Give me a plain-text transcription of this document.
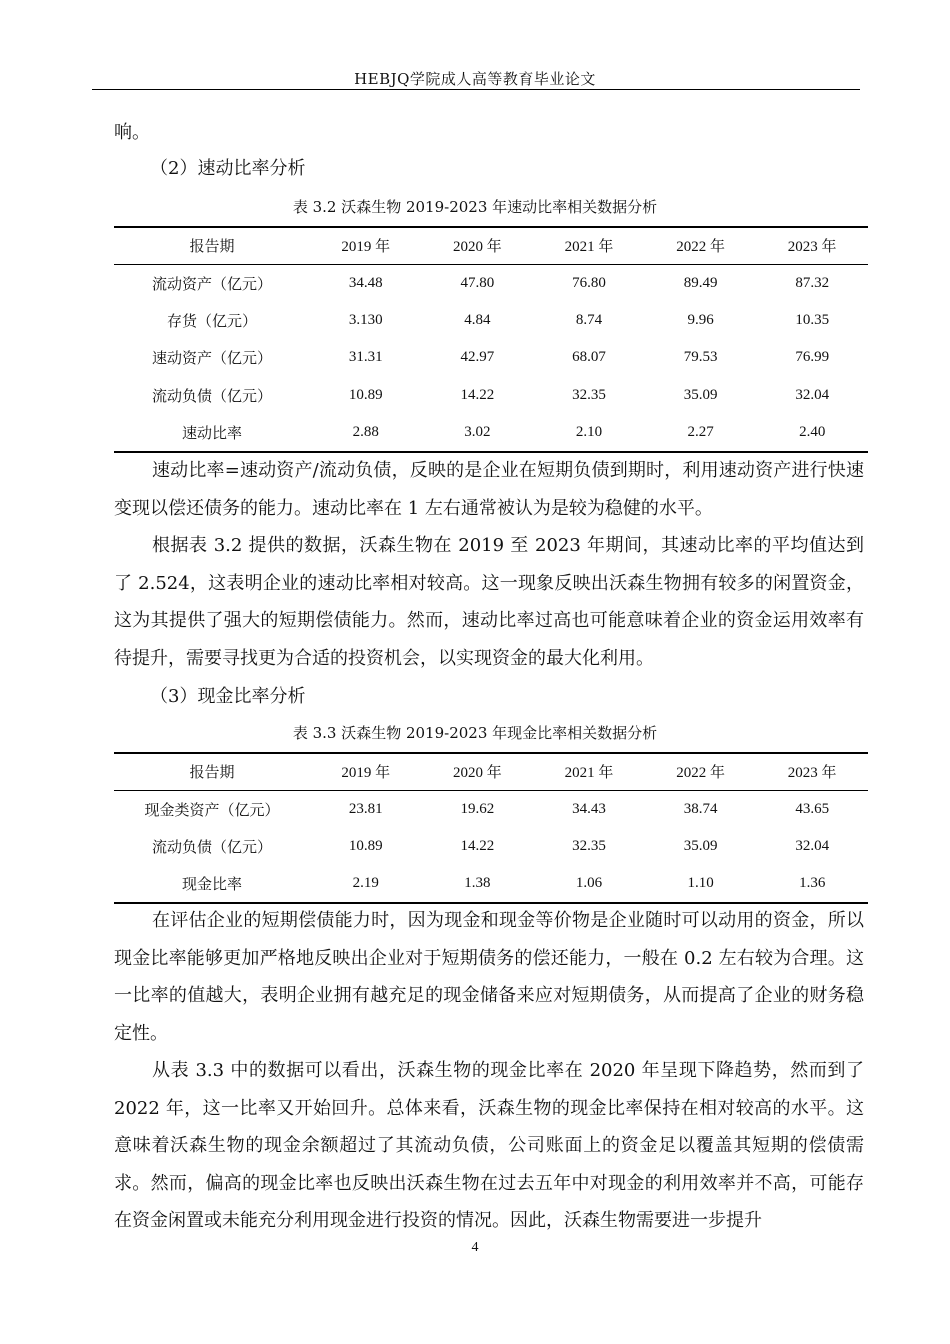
HEBJQ学院成人高等教育毕业论文

响。

（2）速动比率分析
表 3.2 沃森生物 2019-2023 年速动比率相关数据分析
报告期	2019 年	2020 年	2021 年	2022 年	2023 年
流动资产（亿元）	34.48	47.80	76.80	89.49	87.32
存货（亿元）	3.130	4.84	8.74	9.96	10.35
速动资产（亿元）	31.31	42.97	68.07	79.53	76.99
流动负债（亿元）	10.89	14.22	32.35	35.09	32.04
速动比率	2.88	3.02	2.10	2.27	2.40

速动比率=速动资产/流动负债，反映的是企业在短期负债到期时，利用速动资产进行快速变现以偿还债务的能力。速动比率在 1 左右通常被认为是较为稳健的水平。

根据表 3.2 提供的数据，沃森生物在 2019 至 2023 年期间，其速动比率的平均值达到了 2.524，这表明企业的速动比率相对较高。这一现象反映出沃森生物拥有较多的闲置资金，这为其提供了强大的短期偿债能力。然而，速动比率过高也可能意味着企业的资金运用效率有待提升，需要寻找更为合适的投资机会，以实现资金的最大化利用。

（3）现金比率分析
表 3.3 沃森生物 2019-2023 年现金比率相关数据分析
报告期	2019 年	2020 年	2021 年	2022 年	2023 年
现金类资产（亿元）	23.81	19.62	34.43	38.74	43.65
流动负债（亿元）	10.89	14.22	32.35	35.09	32.04
现金比率	2.19	1.38	1.06	1.10	1.36

在评估企业的短期偿债能力时，因为现金和现金等价物是企业随时可以动用的资金，所以现金比率能够更加严格地反映出企业对于短期债务的偿还能力，一般在 0.2 左右较为合理。这一比率的值越大，表明企业拥有越充足的现金储备来应对短期债务，从而提高了企业的财务稳定性。

从表 3.3 中的数据可以看出，沃森生物的现金比率在 2020 年呈现下降趋势，然而到了 2022 年，这一比率又开始回升。总体来看，沃森生物的现金比率保持在相对较高的水平。这意味着沃森生物的现金余额超过了其流动负债，公司账面上的资金足以覆盖其短期的偿债需求。然而，偏高的现金比率也反映出沃森生物在过去五年中对现金的利用效率并不高，可能存在资金闲置或未能充分利用现金进行投资的情况。因此，沃森生物需要进一步提升

4
